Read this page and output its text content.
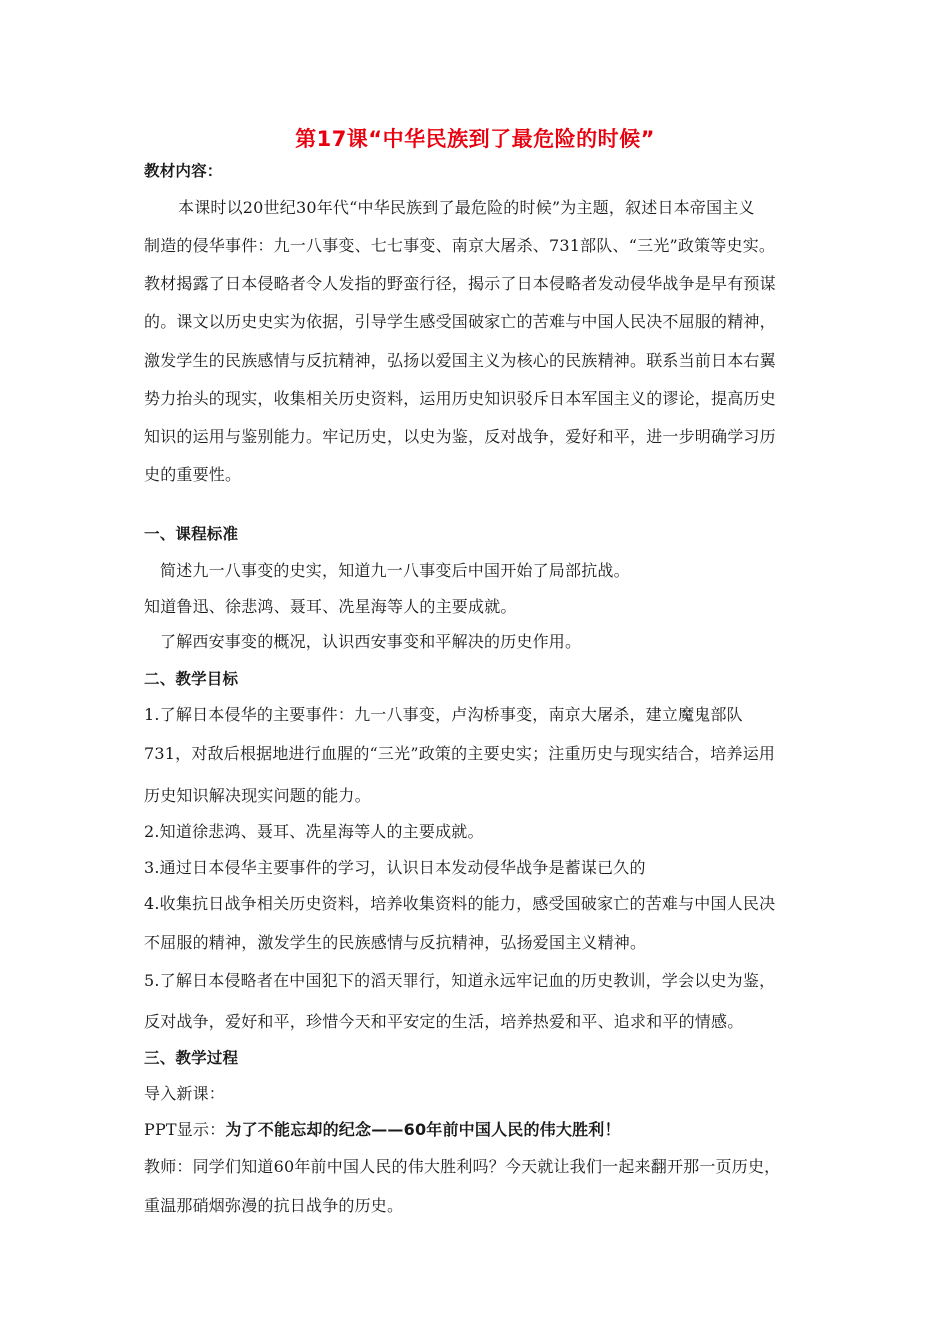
第17课“中华民族到了最危险的时候”
教材内容：
本课时以20世纪30年代“中华民族到了最危险的时候”为主题，叙述日本帝国主义
制造的侵华事件：九一八事变、七七事变、南京大屠杀、731部队、“三光”政策等史实。
教材揭露了日本侵略者令人发指的野蛮行径，揭示了日本侵略者发动侵华战争是早有预谋
的。课文以历史史实为依据，引导学生感受国破家亡的苦难与中国人民决不屈服的精神，
激发学生的民族感情与反抗精神，弘扬以爱国主义为核心的民族精神。联系当前日本右翼
势力抬头的现实，收集相关历史资料，运用历史知识驳斥日本军国主义的谬论，提高历史
知识的运用与鉴别能力。牢记历史，以史为鉴，反对战争，爱好和平，进一步明确学习历
史的重要性。
一、课程标准
简述九一八事变的史实，知道九一八事变后中国开始了局部抗战。
知道鲁迅、徐悲鸿、聂耳、冼星海等人的主要成就。
了解西安事变的概况，认识西安事变和平解决的历史作用。
二、教学目标
1.了解日本侵华的主要事件：九一八事变，卢沟桥事变，南京大屠杀，建立魔鬼部队
731，对敌后根据地进行血腥的“三光”政策的主要史实；注重历史与现实结合，培养运用
历史知识解决现实问题的能力。
2.知道徐悲鸿、聂耳、冼星海等人的主要成就。
3.通过日本侵华主要事件的学习，认识日本发动侵华战争是蓄谋已久的
4.收集抗日战争相关历史资料，培养收集资料的能力，感受国破家亡的苦难与中国人民决
不屈服的精神，激发学生的民族感情与反抗精神，弘扬爱国主义精神。
5.了解日本侵略者在中国犯下的滔天罪行，知道永远牢记血的历史教训，学会以史为鉴，
反对战争，爱好和平，珍惜今天和平安定的生活，培养热爱和平、追求和平的情感。
三、教学过程
导入新课：
PPT显示：为了不能忘却的纪念——60年前中国人民的伟大胜利！
教师：同学们知道60年前中国人民的伟大胜利吗？今天就让我们一起来翻开那一页历史，
重温那硝烟弥漫的抗日战争的历史。
